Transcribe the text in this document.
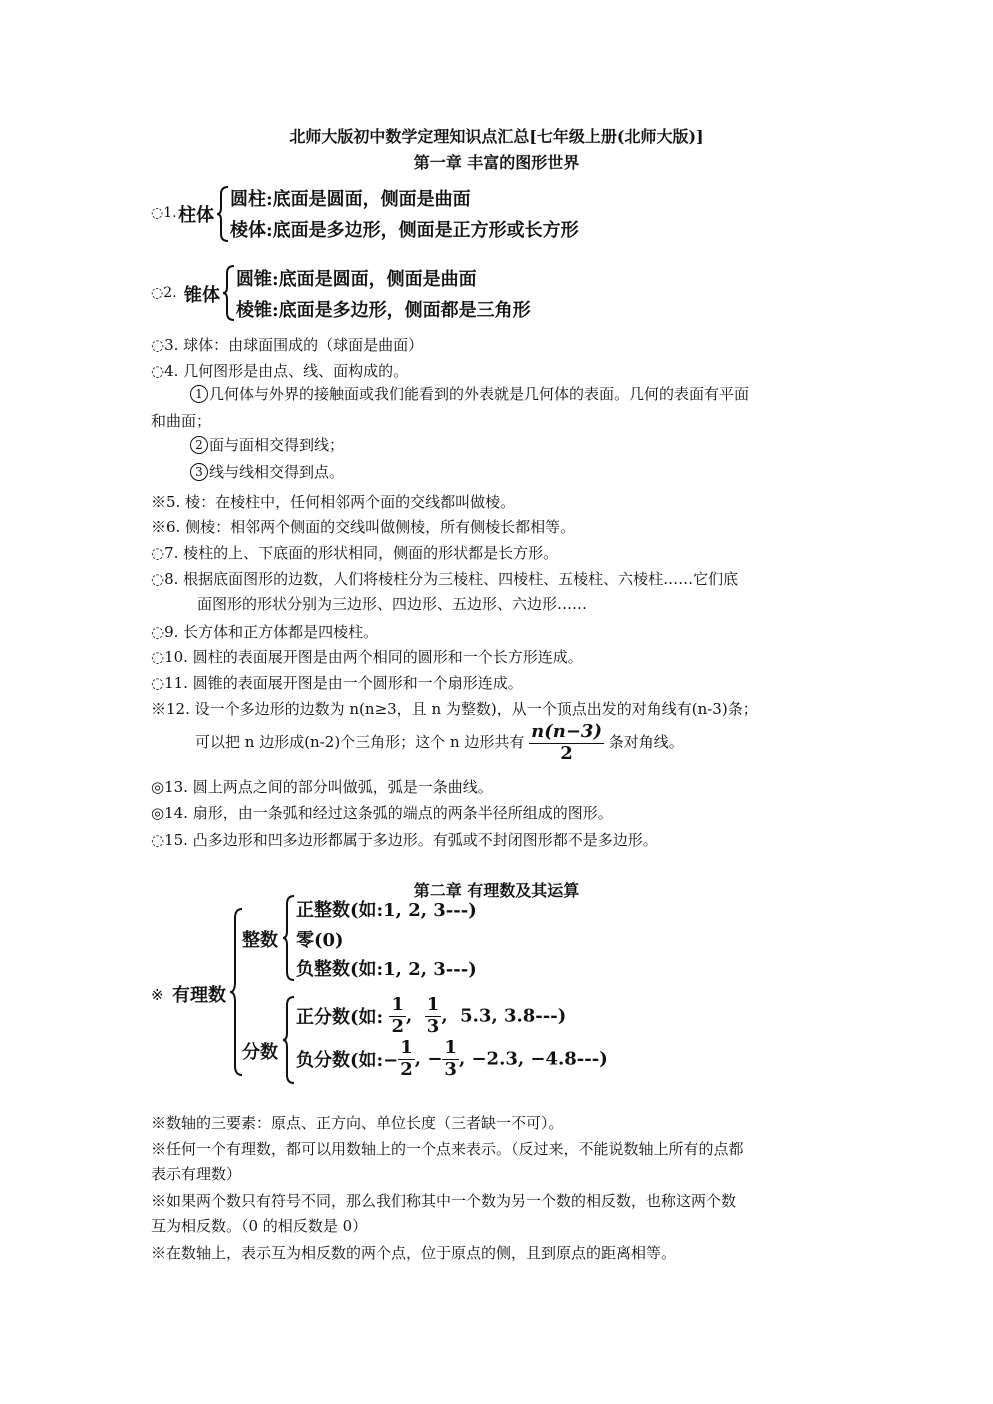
北师大版初中数学定理知识点汇总[七年级上册(北师大版)]
第一章 丰富的图形世界
◌1. 柱体
圆柱:底面是圆面，侧面是曲面
棱体:底面是多边形，侧面是正方形或长方形
◌2. 锥体
圆锥:底面是圆面，侧面是曲面
棱锥:底面是多边形，侧面都是三角形
◌3. 球体：由球面围成的（球面是曲面）
◌4. 几何图形是由点、线、面构成的。
1 几何体与外界的接触面或我们能看到的外表就是几何体的表面。几何的表面有平面
和曲面；
2 面与面相交得到线；
3 线与线相交得到点。
※5. 棱：在棱柱中，任何相邻两个面的交线都叫做棱。
※6. 侧棱：相邻两个侧面的交线叫做侧棱，所有侧棱长都相等。
◌7. 棱柱的上、下底面的形状相同，侧面的形状都是长方形。
◌8. 根据底面图形的边数，人们将棱柱分为三棱柱、四棱柱、五棱柱、六棱柱……它们底
面图形的形状分别为三边形、四边形、五边形、六边形……
◌9. 长方体和正方体都是四棱柱。
◌10. 圆柱的表面展开图是由两个相同的圆形和一个长方形连成。
◌11. 圆锥的表面展开图是由一个圆形和一个扇形连成。
※12. 设一个多边形的边数为 n(n≥3，且 n 为整数)，从一个顶点出发的对角线有(n-3)条；
可以把 n 边形成(n-2)个三角形；这个 n 边形共有 $\frac{n(n-3)}{2}$ 条对角线。
◎13. 圆上两点之间的部分叫做弧，弧是一条曲线。
◎14. 扇形，由一条弧和经过这条弧的端点的两条半径所组成的图形。
◌15. 凸多边形和凹多边形都属于多边形。有弧或不封闭图形都不是多边形。
第二章 有理数及其运算
※ 有理数
整数
正整数(如:1, 2, 3---)
零(0)
负整数(如:1, 2, 3---)
分数
正分数(如: $\frac{1}{2}$ , $\frac{1}{3}$ ,  5.3, 3.8---)
负分数(如:− $\frac{1}{2}$ , − $\frac{1}{3}$ , −2.3, −4.8---)
※数轴的三要素：原点、正方向、单位长度（三者缺一不可）。
※任何一个有理数，都可以用数轴上的一个点来表示。（反过来，不能说数轴上所有的点都
表示有理数）
※如果两个数只有符号不同，那么我们称其中一个数为另一个数的相反数，也称这两个数
互为相反数。（0 的相反数是 0）
※在数轴上，表示互为相反数的两个点，位于原点的侧，且到原点的距离相等。
